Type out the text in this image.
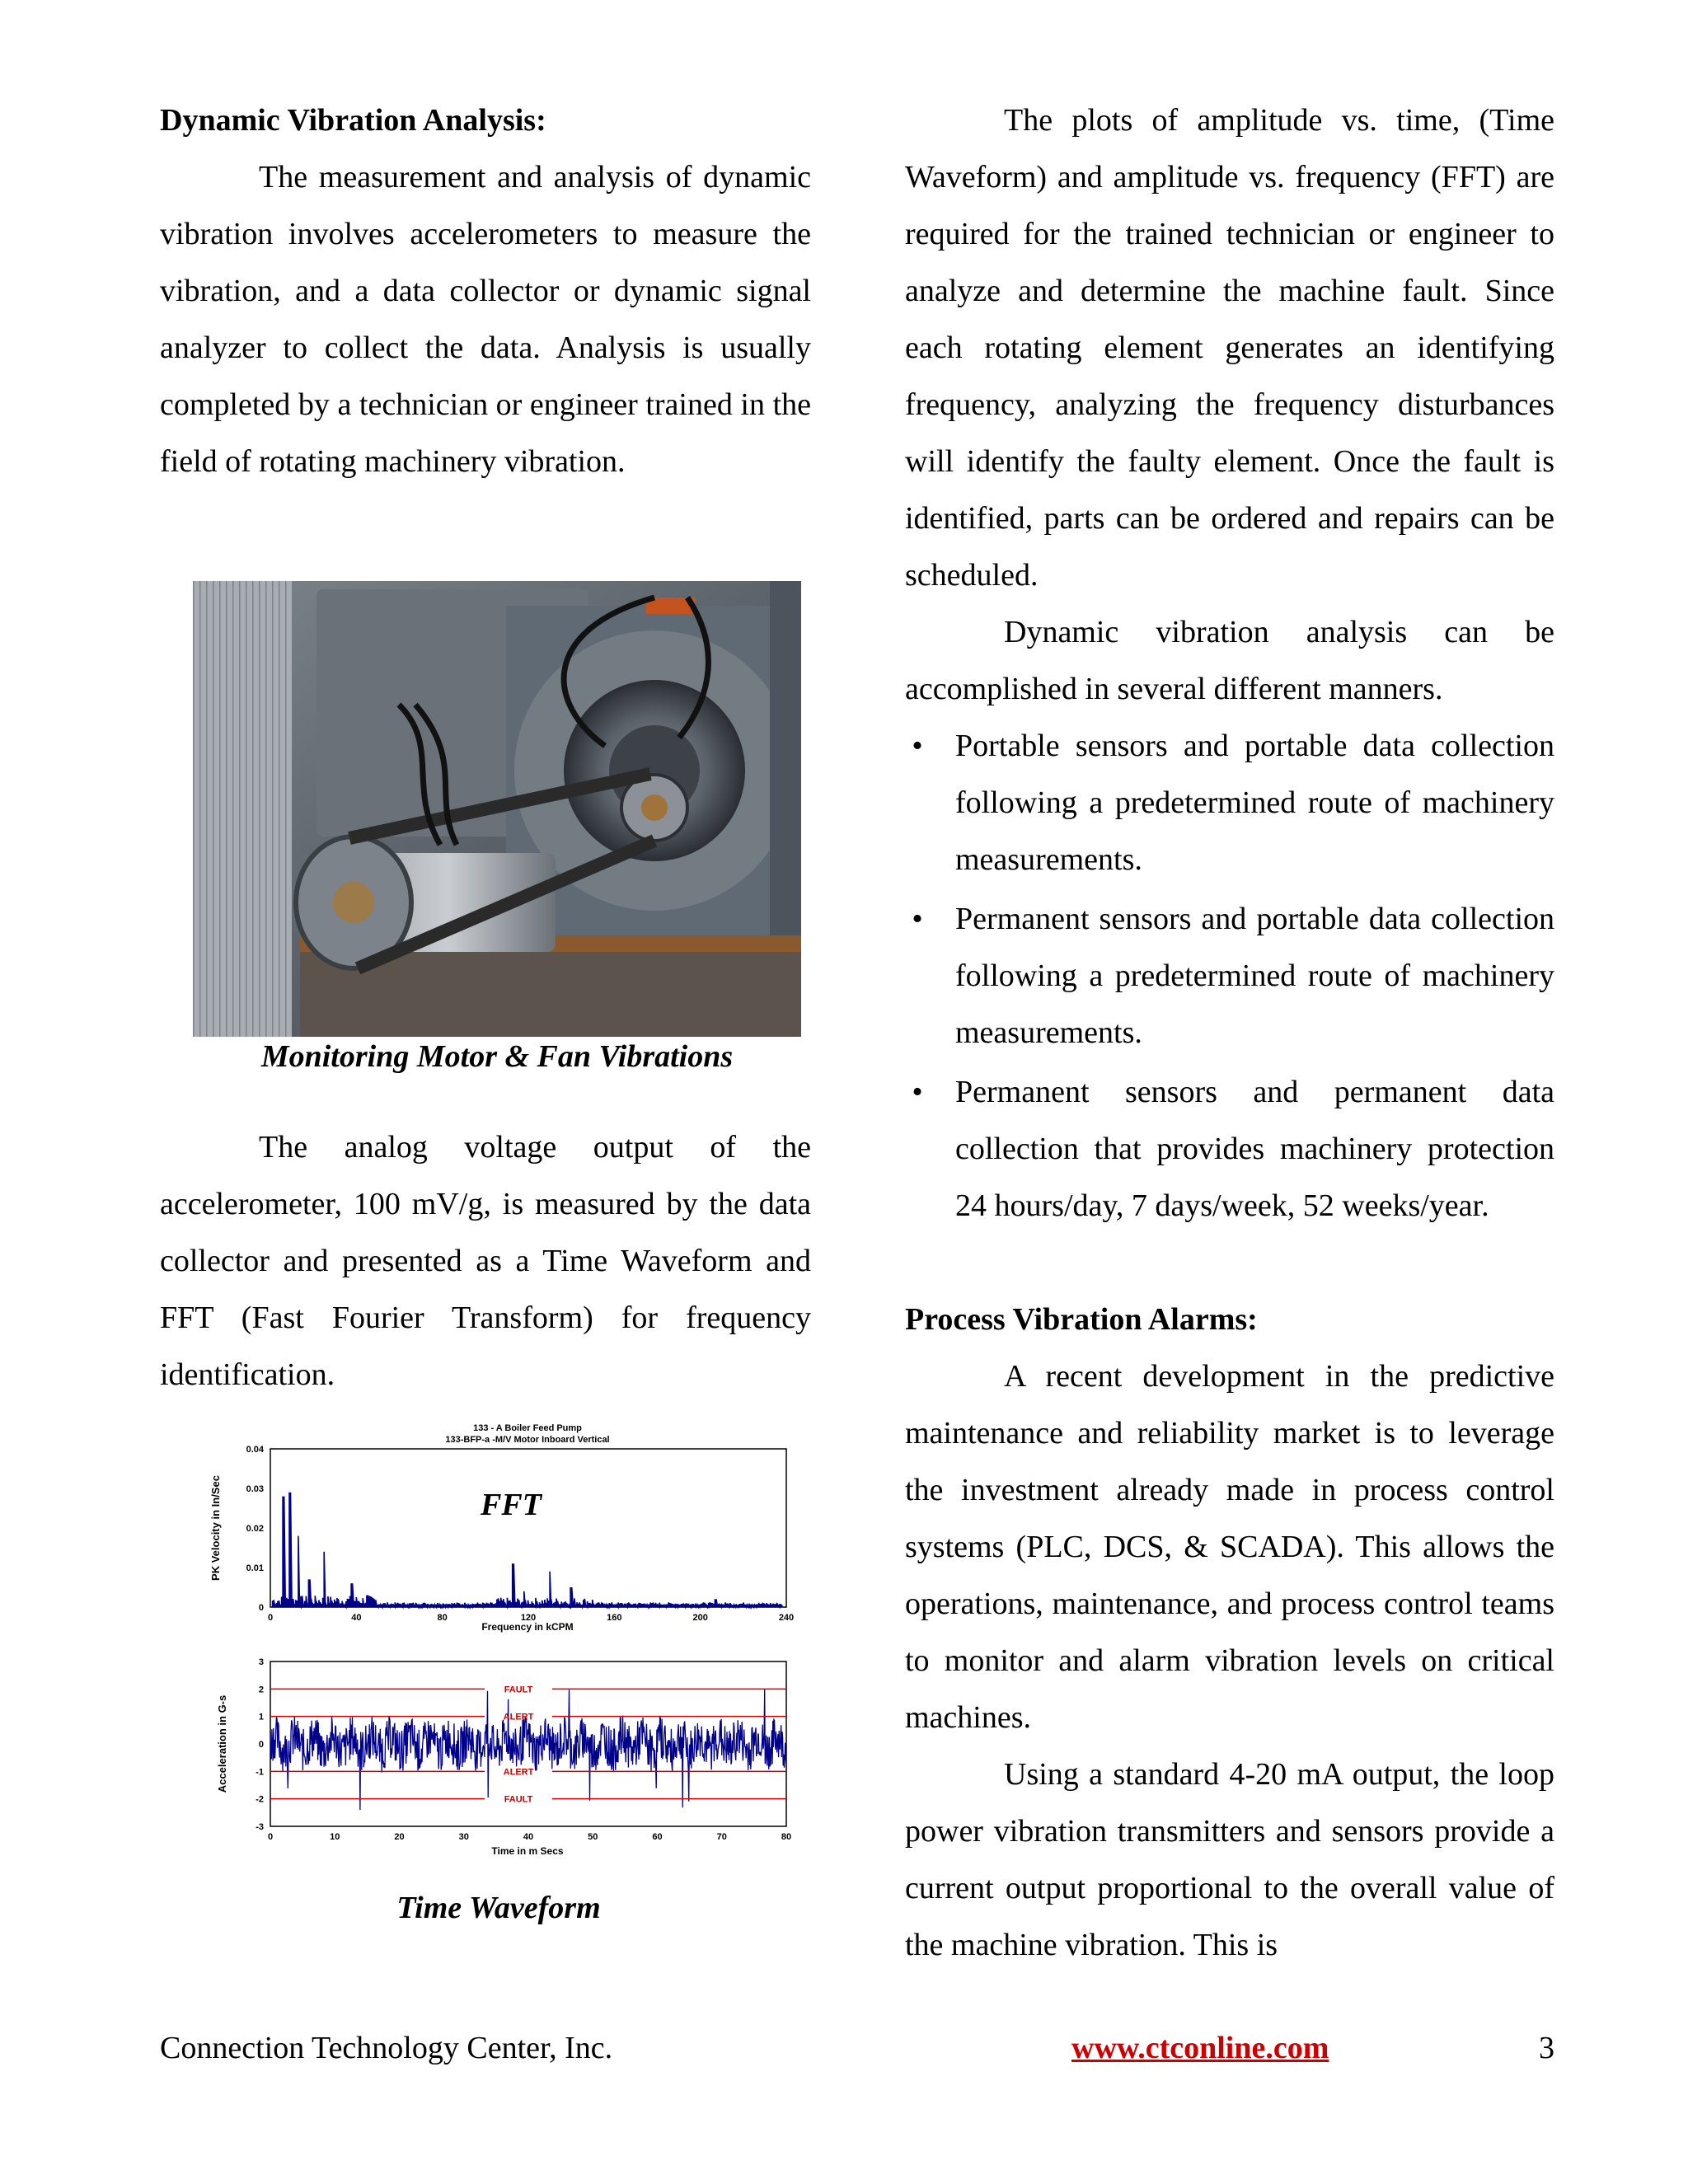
Dynamic Vibration Analysis:

The measurement and analysis of dynamic vibration involves accelerometers to measure the vibration, and a data collector or dynamic signal analyzer to collect the data. Analysis is usually completed by a technician or engineer trained in the field of rotating machinery vibration.

Monitoring Motor & Fan Vibrations

The analog voltage output of the accelerometer, 100 mV/g, is measured by the data collector and presented as a Time Waveform and FFT (Fast Fourier Transform) for frequency identification.

133 - A Boiler Feed Pump
133-BFP-a -M/V Motor Inboard Vertical
FFT
0	40	80	120	160	200	240
0
0.01
0.02
0.03
0.04
Frequency in kCPM
PK Velocity in In/Sec
0	10	20	30	40	50	60	70	80
3
2
1
0
-1
-2
-3
Time in m Secs
Acceleration in G-s
FAULT
ALERT
ALERT
FAULT
Time Waveform

The plots of amplitude vs. time, (Time Waveform) and amplitude vs. frequency (FFT) are required for the trained technician or engineer to analyze and determine the machine fault. Since each rotating element generates an identifying frequency, analyzing the frequency disturbances will identify the faulty element. Once the fault is identified, parts can be ordered and repairs can be scheduled.

Dynamic vibration analysis can be accomplished in several different manners.

• Portable sensors and portable data collection following a predetermined route of machinery measurements.
• Permanent sensors and portable data collection following a predetermined route of machinery measurements.
• Permanent sensors and permanent data collection that provides machinery protection 24 hours/day, 7 days/week, 52 weeks/year.
Process Vibration Alarms:

A recent development in the predictive maintenance and reliability market is to leverage the investment already made in process control systems (PLC, DCS, & SCADA). This allows the operations, maintenance, and process control teams to monitor and alarm vibration levels on critical machines.

Using a standard 4-20 mA output, the loop power vibration transmitters and sensors provide a current output proportional to the overall value of the machine vibration. This is

Connection Technology Center, Inc.	www.ctconline.com	3
